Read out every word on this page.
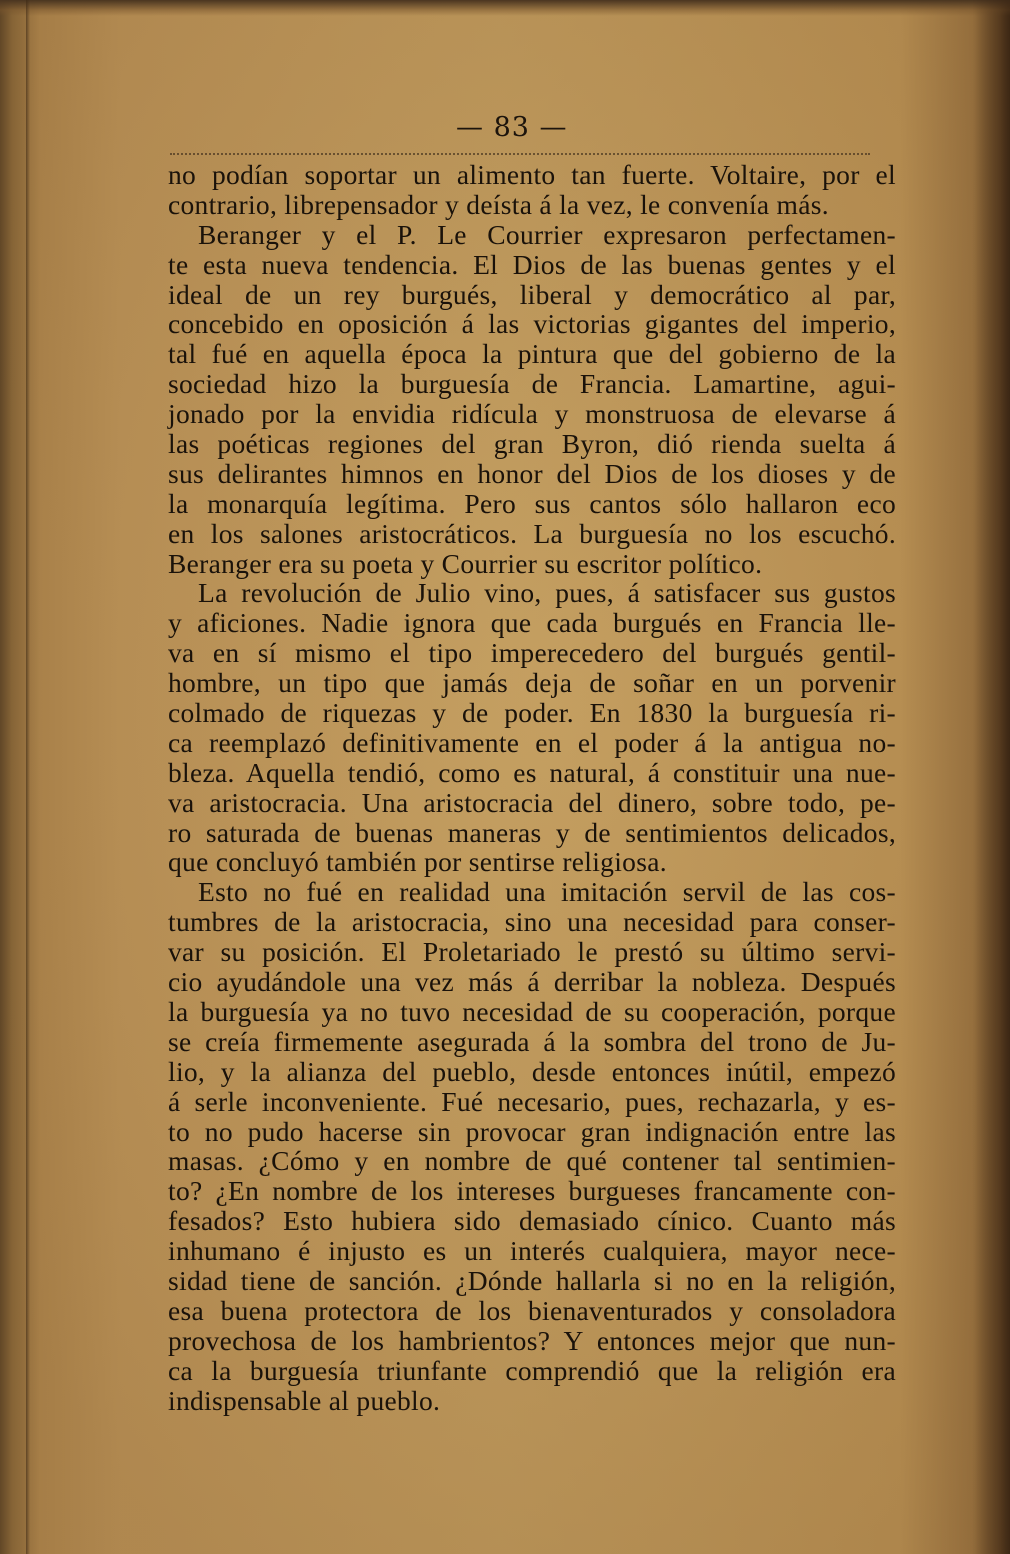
— 83 —
no podían soportar un alimento tan fuerte. Voltaire, por el
contrario, librepensador y deísta á la vez, le convenía más.
Beranger y el P. Le Courrier expresaron perfectamen-
te esta nueva tendencia. El Dios de las buenas gentes y el
ideal de un rey burgués, liberal y democrático al par,
concebido en oposición á las victorias gigantes del imperio,
tal fué en aquella época la pintura que del gobierno de la
sociedad hizo la burguesía de Francia. Lamartine, agui-
jonado por la envidia ridícula y monstruosa de elevarse á
las poéticas regiones del gran Byron, dió rienda suelta á
sus delirantes himnos en honor del Dios de los dioses y de
la monarquía legítima. Pero sus cantos sólo hallaron eco
en los salones aristocráticos. La burguesía no los escuchó.
Beranger era su poeta y Courrier su escritor político.
La revolución de Julio vino, pues, á satisfacer sus gustos
y aficiones. Nadie ignora que cada burgués en Francia lle-
va en sí mismo el tipo imperecedero del burgués gentil-
hombre, un tipo que jamás deja de soñar en un porvenir
colmado de riquezas y de poder. En 1830 la burguesía ri-
ca reemplazó definitivamente en el poder á la antigua no-
bleza. Aquella tendió, como es natural, á constituir una nue-
va aristocracia. Una aristocracia del dinero, sobre todo, pe-
ro saturada de buenas maneras y de sentimientos delicados,
que concluyó también por sentirse religiosa.
Esto no fué en realidad una imitación servil de las cos-
tumbres de la aristocracia, sino una necesidad para conser-
var su posición. El Proletariado le prestó su último servi-
cio ayudándole una vez más á derribar la nobleza. Después
la burguesía ya no tuvo necesidad de su cooperación, porque
se creía firmemente asegurada á la sombra del trono de Ju-
lio, y la alianza del pueblo, desde entonces inútil, empezó
á serle inconveniente. Fué necesario, pues, rechazarla, y es-
to no pudo hacerse sin provocar gran indignación entre las
masas. ¿Cómo y en nombre de qué contener tal sentimien-
to? ¿En nombre de los intereses burgueses francamente con-
fesados? Esto hubiera sido demasiado cínico. Cuanto más
inhumano é injusto es un interés cualquiera, mayor nece-
sidad tiene de sanción. ¿Dónde hallarla si no en la religión,
esa buena protectora de los bienaventurados y consoladora
provechosa de los hambrientos? Y entonces mejor que nun-
ca la burguesía triunfante comprendió que la religión era
indispensable al pueblo.
